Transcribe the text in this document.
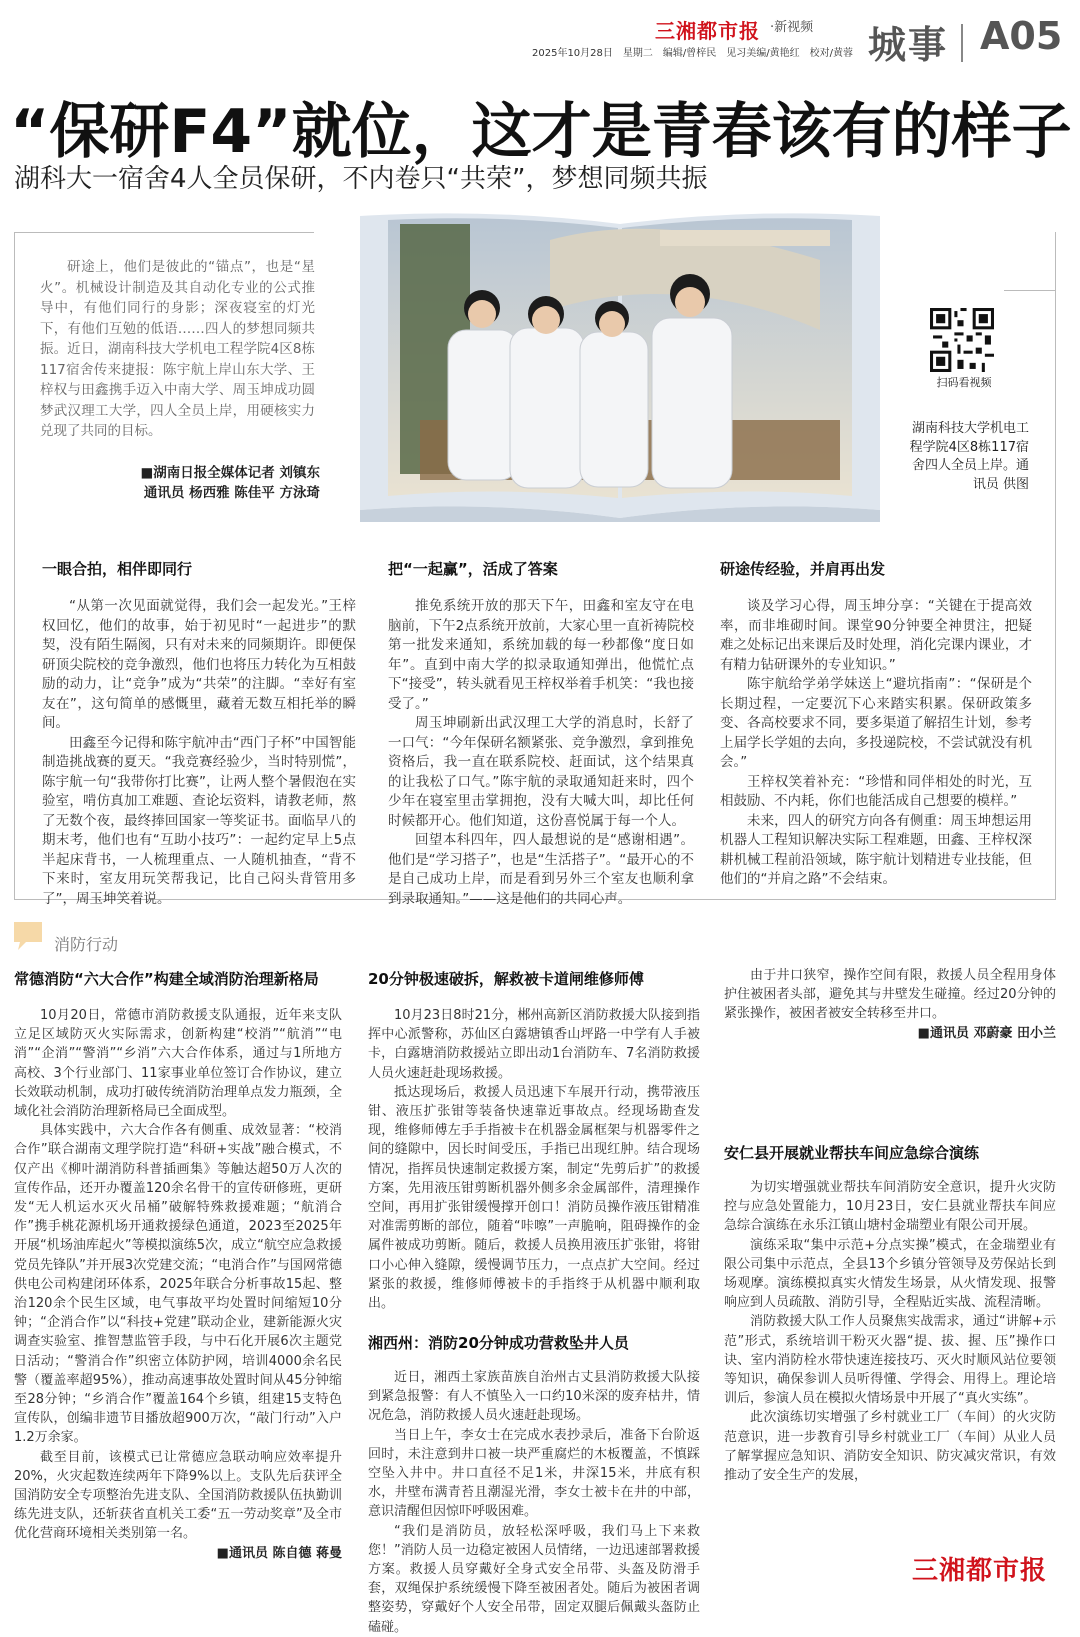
三湘都市报 ·新视频
2025年10月28日　星期二　编辑/曾梓民　见习美编/黄艳红　校对/黄蓉 城事 A05
“保研F4”就位，这才是青春该有的样子
湖科大一宿舍4人全员保研，不内卷只“共荣”，梦想同频共振
研途上，他们是彼此的“锚点”，也是“星火”。机械设计制造及其自动化专业的公式推导中，有他们同行的身影；深夜寝室的灯光下，有他们互勉的低语……四人的梦想同频共振。近日，湖南科技大学机电工程学院4区8栋117宿舍传来捷报：陈宇航上岸山东大学、王梓权与田鑫携手迈入中南大学、周玉坤成功圆梦武汉理工大学，四人全员上岸，用硬核实力兑现了共同的目标。
■湖南日报全媒体记者 刘镇东
通讯员 杨西雅 陈佳平 方泳琦
扫码看视频
湖南科技大学机电工程学院4区8栋117宿舍四人全员上岸。通讯员 供图
一眼合拍，相伴即同行

“从第一次见面就觉得，我们会一起发光。”王梓权回忆，他们的故事，始于初见时“一起进步”的默契，没有陌生隔阂，只有对未来的同频期许。即便保研顶尖院校的竞争激烈，他们也将压力转化为互相鼓励的动力，让“竞争”成为“共荣”的注脚。“幸好有室友在”，这句简单的感慨里，藏着无数互相托举的瞬间。

田鑫至今记得和陈宇航冲击“西门子杯”中国智能制造挑战赛的夏天。“我竞赛经验少，当时特别慌”，陈宇航一句“我带你打比赛”，让两人整个暑假泡在实验室，啃仿真加工难题、查论坛资料，请教老师，熬了无数个夜，最终捧回国家一等奖证书。面临早八的期末考，他们也有“互助小技巧”：一起约定早上5点半起床背书，一人梳理重点、一人随机抽查，“背不下来时，室友用玩笑帮我记，比自己闷头背管用多了”，周玉坤笑着说。

把“一起赢”，活成了答案

推免系统开放的那天下午，田鑫和室友守在电脑前，下午2点系统开放前，大家心里一直祈祷院校第一批发来通知，系统加载的每一秒都像“度日如年”。直到中南大学的拟录取通知弹出，他慌忙点下“接受”，转头就看见王梓权举着手机笑：“我也接受了。”

周玉坤刷新出武汉理工大学的消息时，长舒了一口气：“今年保研名额紧张、竞争激烈，拿到推免资格后，我一直在联系院校、赶面试，这个结果真的让我松了口气。”陈宇航的录取通知赶来时，四个少年在寝室里击掌拥抱，没有大喊大叫，却比任何时候都开心。他们知道，这份喜悦属于每一个人。

回望本科四年，四人最想说的是“感谢相遇”。他们是“学习搭子”，也是“生活搭子”。“最开心的不是自己成功上岸，而是看到另外三个室友也顺利拿到录取通知。”——这是他们的共同心声。

研途传经验，并肩再出发

谈及学习心得，周玉坤分享：“关键在于提高效率，而非堆砌时间。课堂90分钟要全神贯注，把疑难之处标记出来课后及时处理，消化完课内课业，才有精力钻研课外的专业知识。”

陈宇航给学弟学妹送上“避坑指南”：“保研是个长期过程，一定要沉下心来踏实积累。保研政策多变、各高校要求不同，要多渠道了解招生计划，参考上届学长学姐的去向，多投递院校，不尝试就没有机会。”

王梓权笑着补充：“珍惜和同伴相处的时光，互相鼓励、不内耗，你们也能活成自己想要的模样。”

未来，四人的研究方向各有侧重：周玉坤想运用机器人工程知识解决实际工程难题，田鑫、王梓权深耕机械工程前沿领域，陈宇航计划精进专业技能，但他们的“并肩之路”不会结束。

消防行动
常德消防“六大合作”构建全域消防治理新格局

10月20日，常德市消防救援支队通报，近年来支队立足区域防灭火实际需求，创新构建“校消”“航消”“电消”“企消”“警消”“乡消”六大合作体系，通过与1所地方高校、3个行业部门、11家事业单位签订合作协议，建立长效联动机制，成功打破传统消防治理单点发力瓶颈，全域化社会消防治理新格局已全面成型。

具体实践中，六大合作各有侧重、成效显著：“校消合作”联合湖南文理学院打造“科研+实战”融合模式，不仅产出《柳叶湖消防科普插画集》等触达超50万人次的宣传作品，还开办覆盖120余名骨干的宣传研修班，更研发“无人机运水灭火吊桶”破解特殊救援难题；“航消合作”携手桃花源机场开通救援绿色通道，2023至2025年开展“机场油库起火”等模拟演练5次，成立“航空应急救援党员先锋队”并开展3次党建交流；“电消合作”与国网常德供电公司构建闭环体系，2025年联合分析事故15起、整治120余个民生区域，电气事故平均处置时间缩短10分钟；“企消合作”以“科技+党建”联动企业，建新能源火灾调查实验室、推智慧监管手段，与中石化开展6次主题党日活动；“警消合作”织密立体防护网，培训4000余名民警（覆盖率超95%），推动高速事故处置时间从45分钟缩至28分钟；“乡消合作”覆盖164个乡镇，组建15支特色宣传队，创编非遗节目播放超900万次，“敲门行动”入户1.2万余家。

截至目前，该模式已让常德应急联动响应效率提升20%，火灾起数连续两年下降9%以上。支队先后获评全国消防安全专项整治先进支队、全国消防救援队伍执勤训练先进支队，还斩获省直机关工委“五一劳动奖章”及全市优化营商环境相关类别第一名。

■通讯员 陈自德 蒋曼

20分钟极速破拆，解救被卡道闸维修师傅

10月23日8时21分，郴州高新区消防救援大队接到指挥中心派警称，苏仙区白露塘镇香山坪路一中学有人手被卡，白露塘消防救援站立即出动1台消防车、7名消防救援人员火速赶赴现场救援。

抵达现场后，救援人员迅速下车展开行动，携带液压钳、液压扩张钳等装备快速靠近事故点。经现场勘查发现，维修师傅左手手指被卡在机器金属框架与机器零件之间的缝隙中，因长时间受压，手指已出现红肿。结合现场情况，指挥员快速制定救援方案，制定“先剪后扩”的救援方案，先用液压钳剪断机器外侧多余金属部件，清理操作空间，再用扩张钳缓慢撑开创口！消防员操作液压钳精准对准需剪断的部位，随着“咔嚓”一声脆响，阻碍操作的金属件被成功剪断。随后，救援人员换用液压扩张钳，将钳口小心伸入缝隙，缓慢调节压力，一点点扩大空间。经过紧张的救援，维修师傅被卡的手指终于从机器中顺利取出。

湘西州：消防20分钟成功营救坠井人员

近日，湘西土家族苗族自治州古丈县消防救援大队接到紧急报警：有人不慎坠入一口约10米深的废弃枯井，情况危急，消防救援人员火速赶赴现场。

当日上午，李女士在完成水表抄录后，准备下台阶返回时，未注意到井口被一块严重腐烂的木板覆盖，不慎踩空坠入井中。井口直径不足1米，井深15米，井底有积水，井壁布满青苔且潮湿光滑，李女士被卡在井的中部，意识清醒但因惊吓呼吸困难。

“我们是消防员，放轻松深呼吸，我们马上下来救您！”消防人员一边稳定被困人员情绪，一边迅速部署救援方案。救援人员穿戴好全身式安全吊带、头盔及防滑手套，双绳保护系统缓慢下降至被困者处。随后为被困者调整姿势，穿戴好个人安全吊带，固定双腿后佩戴头盔防止磕碰。

由于井口狭窄，操作空间有限，救援人员全程用身体护住被困者头部，避免其与井壁发生碰撞。经过20分钟的紧张操作，被困者被安全转移至井口。

■通讯员 邓蔚豪 田小兰

安仁县开展就业帮扶车间应急综合演练

为切实增强就业帮扶车间消防安全意识，提升火灾防控与应急处置能力，10月23日，安仁县就业帮扶车间应急综合演练在永乐江镇山塘村金瑞塑业有限公司开展。

演练采取“集中示范+分点实操”模式，在金瑞塑业有限公司集中示范点，全县13个乡镇分管领导及劳保站长到场观摩。演练模拟真实火情发生场景，从火情发现、报警响应到人员疏散、消防引导，全程贴近实战、流程清晰。

消防救援大队工作人员聚焦实战需求，通过“讲解+示范”形式，系统培训干粉灭火器“提、拔、握、压”操作口诀、室内消防栓水带快速连接技巧、灭火时顺风站位要领等知识，确保参训人员听得懂、学得会、用得上。理论培训后，参演人员在模拟火情场景中开展了“真火实练”。

此次演练切实增强了乡村就业工厂（车间）的火灾防范意识，进一步教育引导乡村就业工厂（车间）从业人员了解掌握应急知识、消防安全知识、防灾减灾常识，有效推动了安全生产的发展，

三湘都市报
